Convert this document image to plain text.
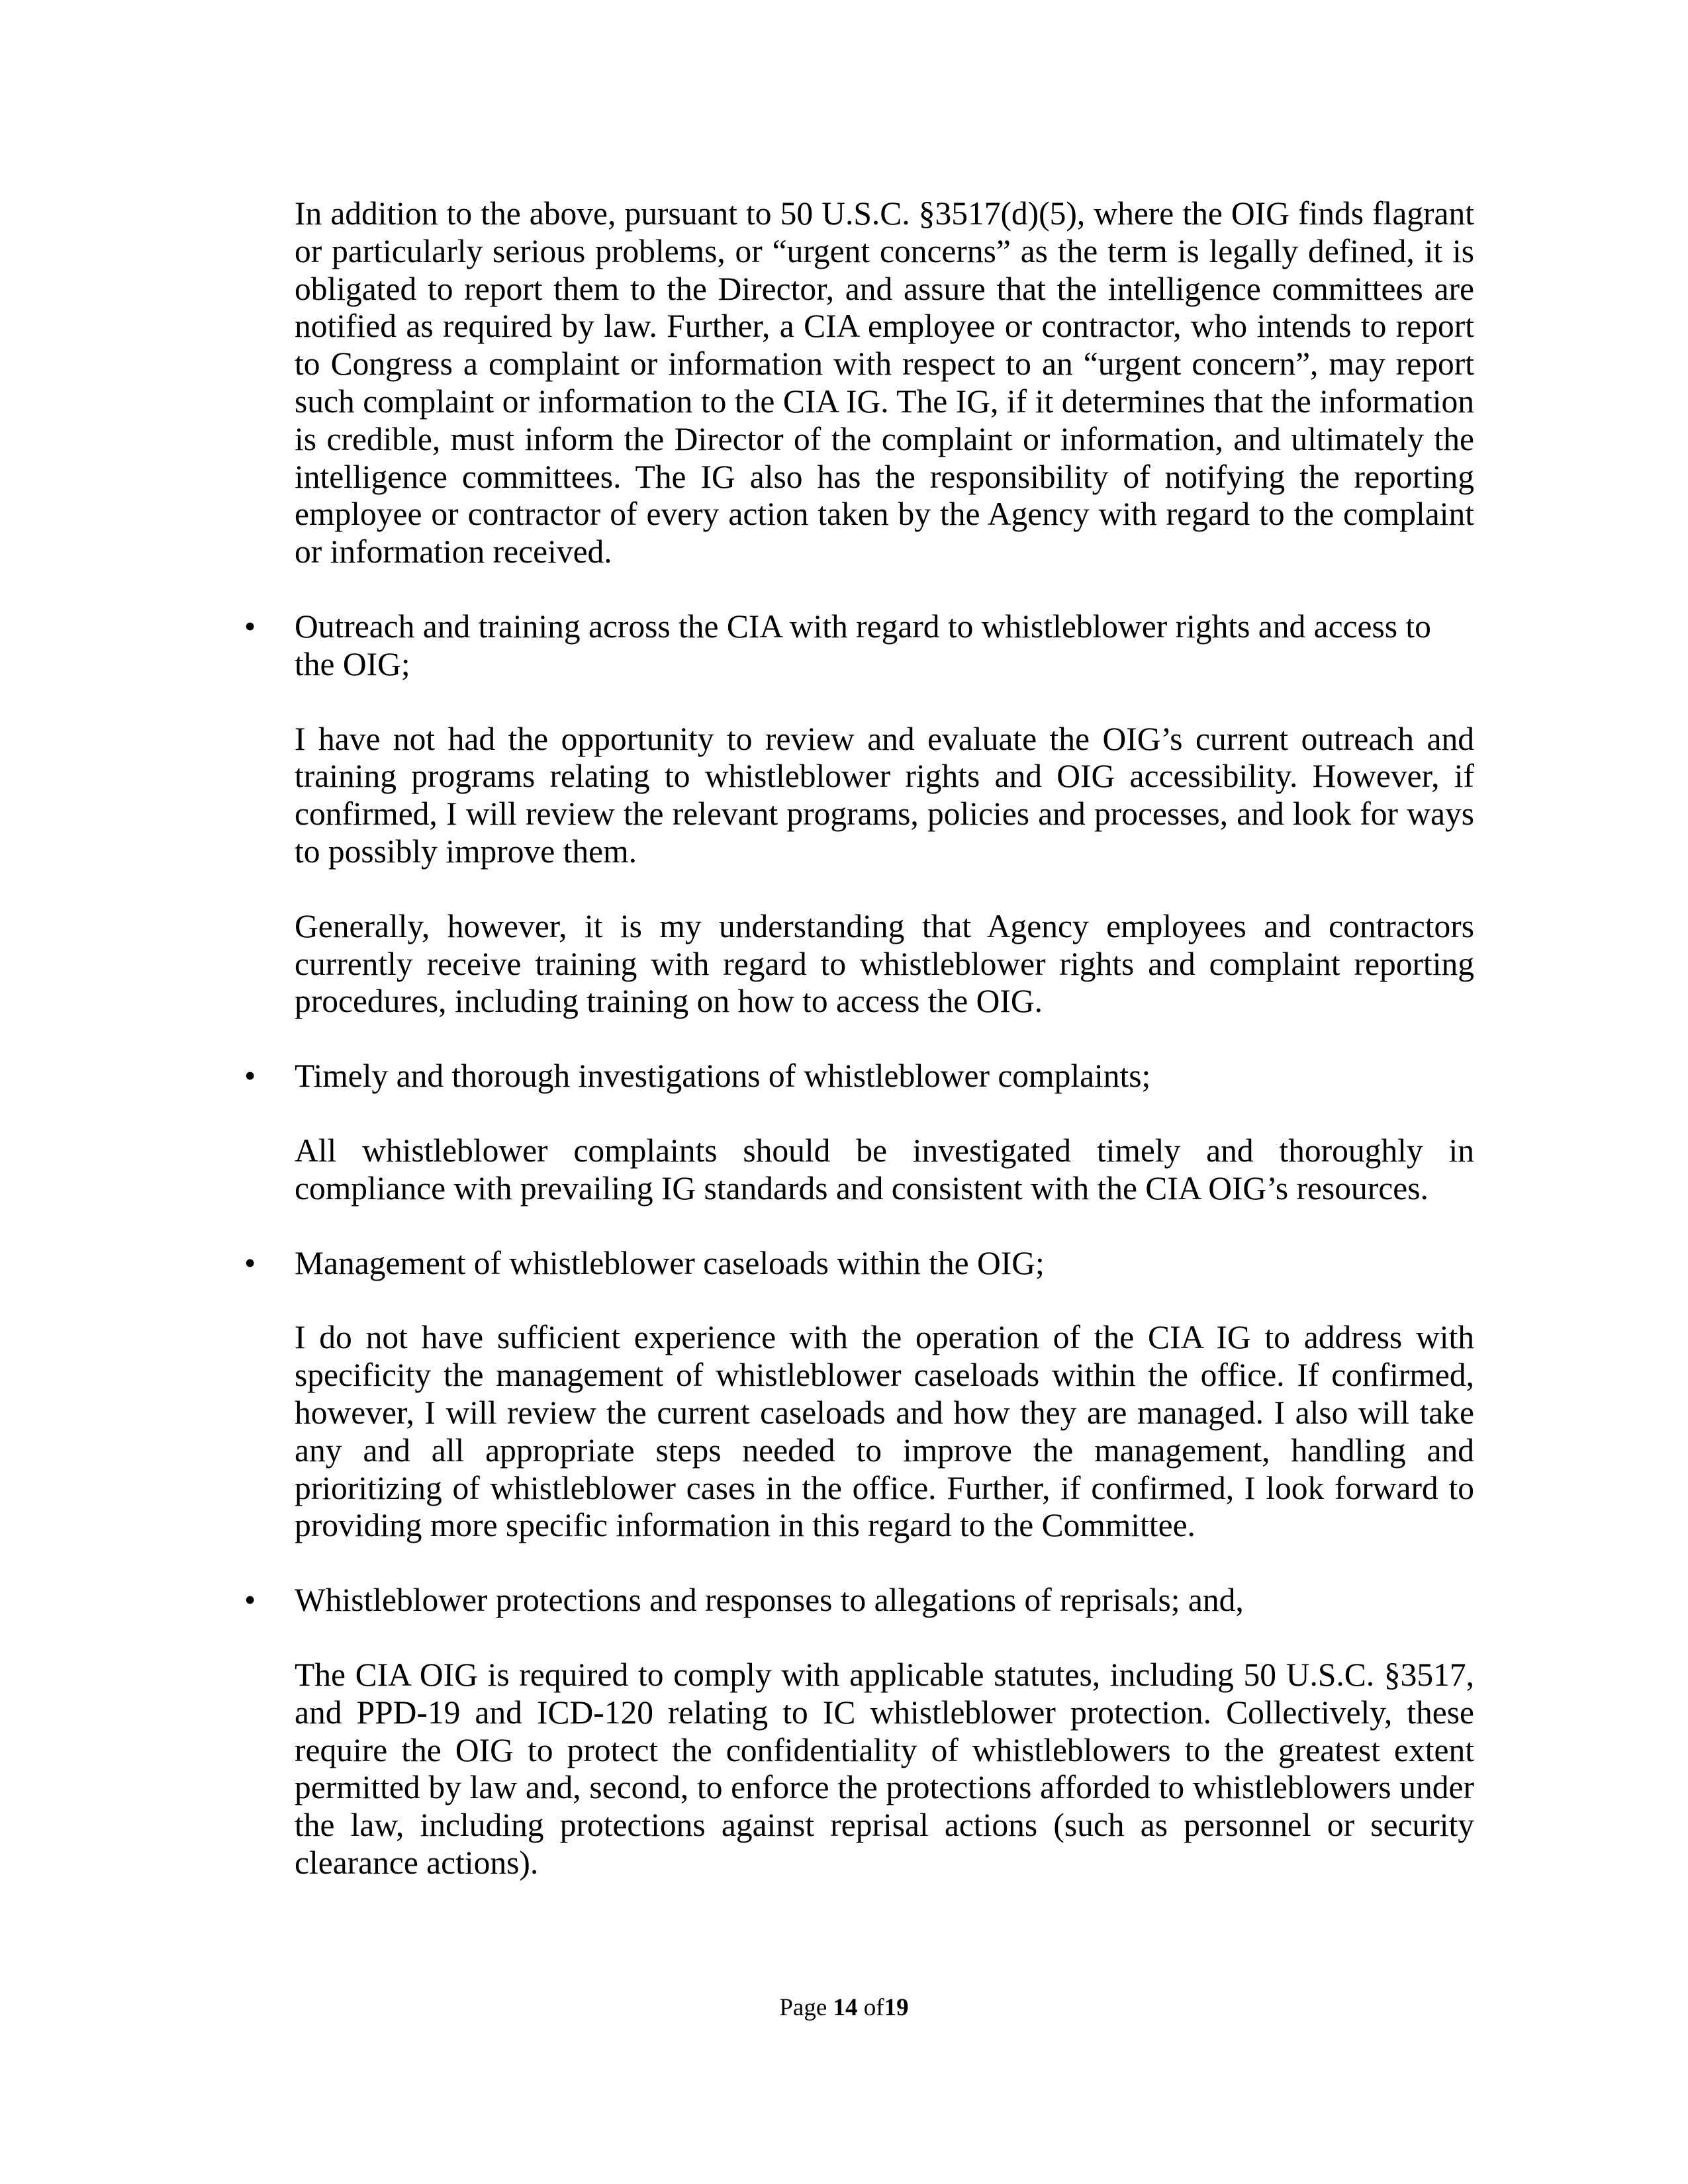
In addition to the above, pursuant to 50 U.S.C. §3517(d)(5), where the OIG finds flagrant or particularly serious problems, or “urgent concerns” as the term is legally defined, it is obligated to report them to the Director, and assure that the intelligence committees are notified as required by law. Further, a CIA employee or contractor, who intends to report to Congress a complaint or information with respect to an “urgent concern”, may report such complaint or information to the CIA IG. The IG, if it determines that the information is credible, must inform the Director of the complaint or information, and ultimately the intelligence committees. The IG also has the responsibility of notifying the reporting employee or contractor of every action taken by the Agency with regard to the complaint or information received.

• Outreach and training across the CIA with regard to whistleblower rights and access to the OIG;

I have not had the opportunity to review and evaluate the OIG’s current outreach and training programs relating to whistleblower rights and OIG accessibility. However, if confirmed, I will review the relevant programs, policies and processes, and look for ways to possibly improve them.

Generally, however, it is my understanding that Agency employees and contractors currently receive training with regard to whistleblower rights and complaint reporting procedures, including training on how to access the OIG.

• Timely and thorough investigations of whistleblower complaints;

All whistleblower complaints should be investigated timely and thoroughly in compliance with prevailing IG standards and consistent with the CIA OIG’s resources.

• Management of whistleblower caseloads within the OIG;

I do not have sufficient experience with the operation of the CIA IG to address with specificity the management of whistleblower caseloads within the office. If confirmed, however, I will review the current caseloads and how they are managed. I also will take any and all appropriate steps needed to improve the management, handling and prioritizing of whistleblower cases in the office. Further, if confirmed, I look forward to providing more specific information in this regard to the Committee.

• Whistleblower protections and responses to allegations of reprisals; and,

The CIA OIG is required to comply with applicable statutes, including 50 U.S.C. §3517, and PPD-19 and ICD-120 relating to IC whistleblower protection. Collectively, these require the OIG to protect the confidentiality of whistleblowers to the greatest extent permitted by law and, second, to enforce the protections afforded to whistleblowers under the law, including protections against reprisal actions (such as personnel or security clearance actions).

Page 14 of19
